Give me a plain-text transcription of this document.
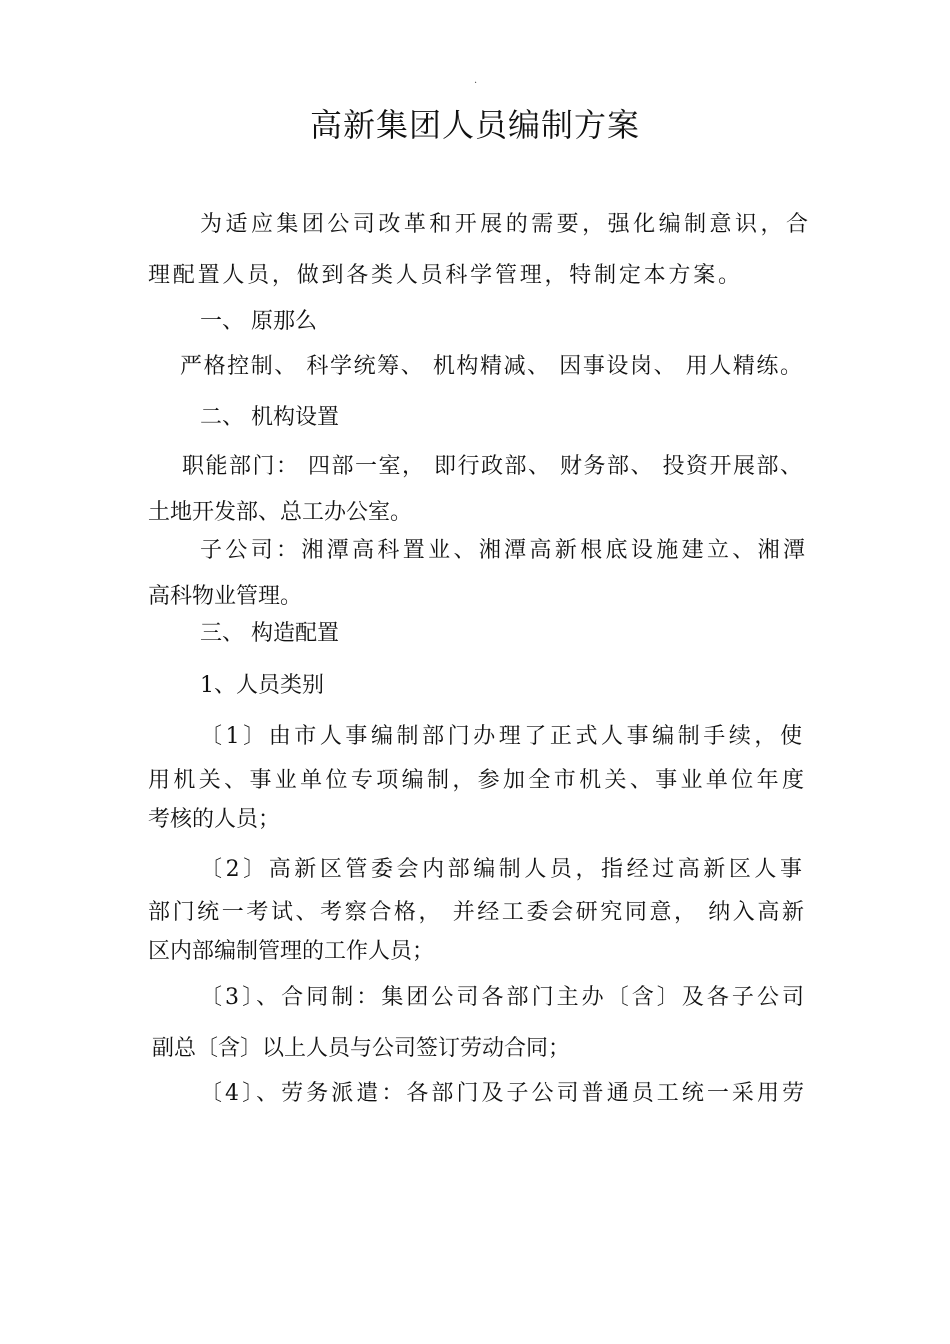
·
高新集团人员编制方案
为适应集团公司改革和开展的需要，强化编制意识，合
理配置人员，做到各类人员科学管理，特制定本方案。
一、 原那么
严格控制、 科学统筹、 机构精减、 因事设岗、 用人精练。
二、 机构设置
职能部门： 四部一室， 即行政部、 财务部、 投资开展部、
土地开发部、总工办公室。
子公司：湘潭高科置业、湘潭高新根底设施建立、湘潭
高科物业管理。
三、 构造配置
1、人员类别
〔1〕由市人事编制部门办理了正式人事编制手续，使
用机关、事业单位专项编制，参加全市机关、事业单位年度
考核的人员；
〔2〕高新区管委会内部编制人员，指经过高新区人事
部门统一考试、考察合格， 并经工委会研究同意， 纳入高新
区内部编制管理的工作人员；
〔3〕、合同制：集团公司各部门主办〔含〕及各子公司
副总〔含〕以上人员与公司签订劳动合同；
〔4〕、劳务派遣：各部门及子公司普通员工统一采用劳
